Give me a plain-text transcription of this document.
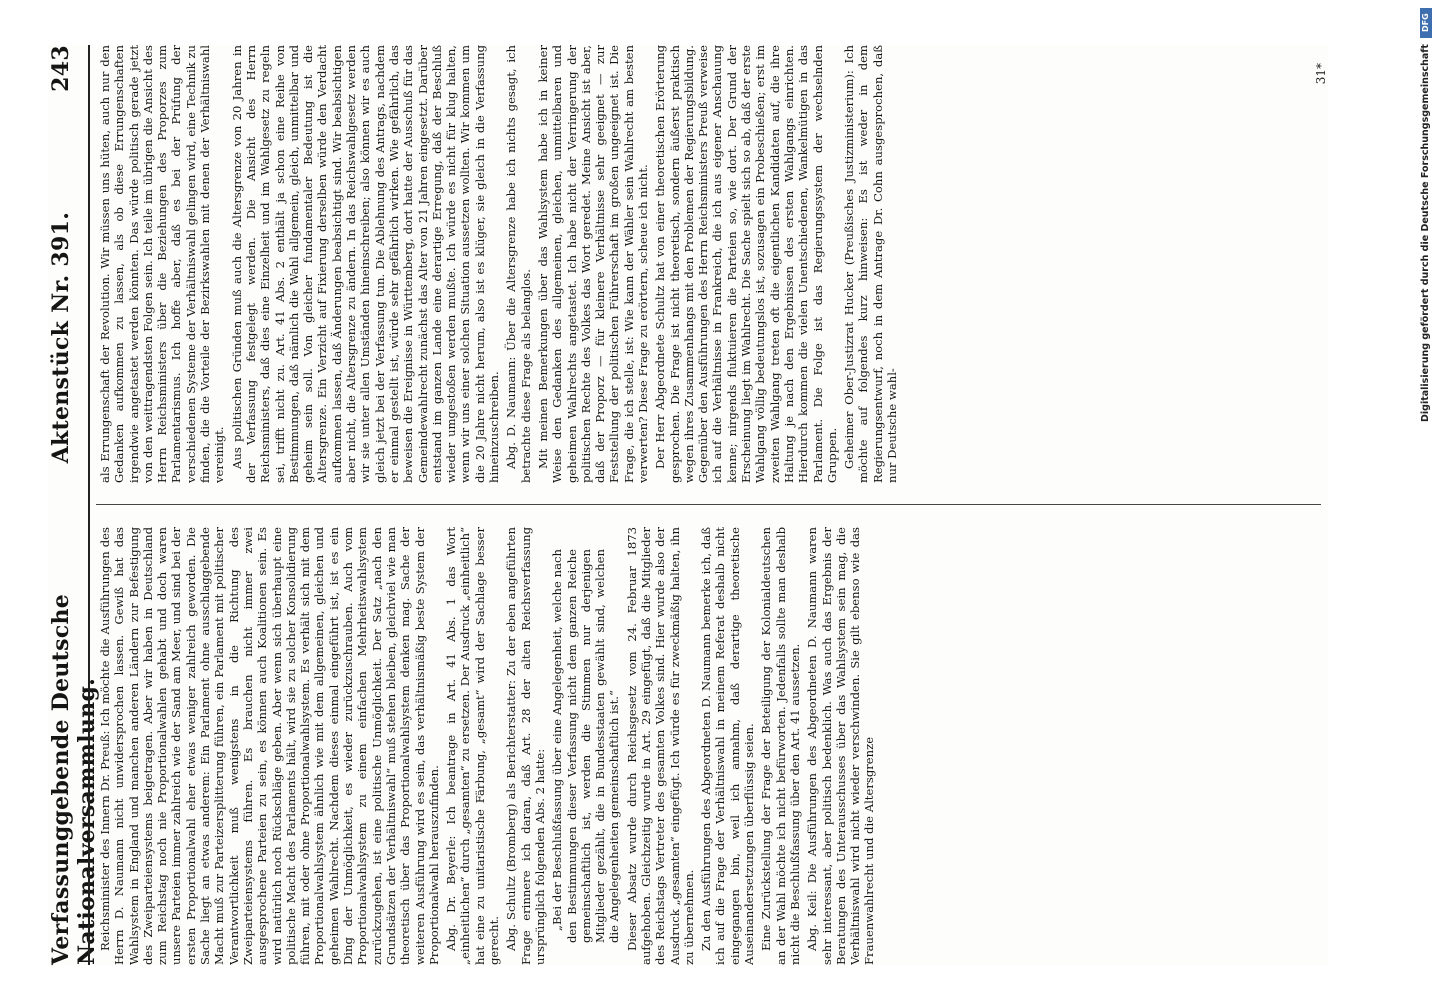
Verfassunggebende Deutsche Nationalversammlung.
Aktenstück Nr. 391.
243

Reichsminister des Innern Dr. Preuß: Ich möchte die Ausführungen des Herrn D. Naumann nicht unwidersprochen lassen. Gewiß hat das Wahlsystem in England und manchen anderen Ländern zur Befestigung des Zweiparteiensystems beigetragen. Aber wir haben in Deutschland zum Reichstag noch nie Proportionalwahlen gehabt und doch waren unsere Parteien immer zahlreich wie der Sand am Meer, und sind bei der ersten Proportionalwahl eher etwas weniger zahlreich geworden. Die Sache liegt an etwas anderem: Ein Parlament ohne ausschlaggebende Macht muß zur Parteizersplitterung führen, ein Parlament mit politischer Verantwortlichkeit muß wenigstens in die Richtung des Zweiparteiensystems führen. Es brauchen nicht immer zwei ausgesprochene Parteien zu sein, es können auch Koalitionen sein. Es wird natürlich noch Rückschläge geben. Aber wenn sich überhaupt eine politische Macht des Parlaments hält, wird sie zu solcher Konsolidierung führen, mit oder ohne Proportionalwahlsystem. Es verhält sich mit dem Proportionalwahlsystem ähnlich wie mit dem allgemeinen, gleichen und geheimen Wahlrecht. Nachdem dieses einmal eingeführt ist, ist es ein Ding der Unmöglichkeit, es wieder zurückzuschrauben. Auch vom Proportionalwahlsystem zu einem einfachen Mehrheitswahlsystem zurückzugehen, ist eine politische Unmöglichkeit. Der Satz „nach den Grundsätzen der Verhältniswahl“ muß stehen bleiben, gleichviel wie man theoretisch über das Proportionalwahlsystem denken mag. Sache der weiteren Ausführung wird es sein, das verhältnismäßig beste System der Proportionalwahl herauszufinden. Abg. Dr. Beyerle: Ich beantrage in Art. 41 Abs. 1 das Wort „einheitlichen“ durch „gesamten“ zu ersetzen. Der Ausdruck „einheitlich“ hat eine zu unitaristische Färbung, „gesamt“ wird der Sachlage besser gerecht. Abg. Schultz (Bromberg) als Berichterstatter: Zu der eben angeführten Frage erinnere ich daran, daß Art. 28 der alten Reichsverfassung ursprünglich folgenden Abs. 2 hatte: „Bei der Beschlußfassung über eine Angelegenheit, welche nach den Bestimmungen dieser Verfassung nicht dem ganzen Reiche gemeinschaftlich ist, werden die Stimmen nur derjenigen Mitglieder gezählt, die in Bundesstaaten gewählt sind, welchen die Angelegenheiten gemeinschaftlich ist.“ Dieser Absatz wurde durch Reichsgesetz vom 24. Februar 1873 aufgehoben. Gleichzeitig wurde in Art. 29 eingefügt, daß die Mitglieder des Reichstags Vertreter des gesamten Volkes sind. Hier wurde also der Ausdruck „gesamten“ eingefügt. Ich würde es für zweckmäßig halten, ihn zu übernehmen. Zu den Ausführungen des Abgeordneten D. Naumann bemerke ich, daß ich auf die Frage der Verhältniswahl in meinem Referat deshalb nicht eingegangen bin, weil ich annahm, daß derartige theoretische Auseinandersetzungen überflüssig seien. Eine Zurückstellung der Frage der Beteiligung der Kolonialdeutschen an der Wahl möchte ich nicht befürworten. Jedenfalls sollte man deshalb nicht die Beschlußfassung über den Art. 41 aussetzen. Abg. Keil: Die Ausführungen des Abgeordneten D. Naumann waren sehr interessant, aber politisch bedenklich. Was auch das Ergebnis der Beratungen des Unterausschusses über das Wahlsystem sein mag, die Verhältniswahl wird nicht wieder verschwinden. Sie gilt ebenso wie das Frauenwahlrecht und die Altersgrenze

als Errungenschaft der Revolution. Wir müssen uns hüten, auch nur den Gedanken aufkommen zu lassen, als ob diese Errungenschaften irgendwie angetastet werden könnten. Das würde politisch gerade jetzt von den weittragendsten Folgen sein. Ich teile im übrigen die Ansicht des Herrn Reichsministers über die Beziehungen des Proporzes zum Parlamentarismus. Ich hoffe aber, daß es bei der Prüfung der verschiedenen Systeme der Verhältniswahl gelingen wird, eine Technik zu finden, die die Vorteile der Bezirkswahlen mit denen der Verhältniswahl vereinigt. Aus politischen Gründen muß auch die Altersgrenze von 20 Jahren in der Verfassung festgelegt werden. Die Ansicht des Herrn Reichsministers, daß dies eine Einzelheit und im Wahlgesetz zu regeln sei, trifft nicht zu. Art. 41 Abs. 2 enthält ja schon eine Reihe von Bestimmungen, daß nämlich die Wahl allgemein, gleich, unmittelbar und geheim sein soll. Von gleicher fundamentaler Bedeutung ist die Altersgrenze. Ein Verzicht auf Fixierung derselben würde den Verdacht aufkommen lassen, daß Änderungen beabsichtigt sind. Wir beabsichtigen aber nicht, die Altersgrenze zu ändern. In das Reichswahlgesetz werden wir sie unter allen Umständen hineinschreiben; also können wir es auch gleich jetzt bei der Verfassung tun. Die Ablehnung des Antrags, nachdem er einmal gestellt ist, würde sehr gefährlich wirken. Wie gefährlich, das beweisen die Ereignisse in Württemberg, dort hatte der Ausschuß für das Gemeindewahlrecht zunächst das Alter von 21 Jahren eingesetzt. Darüber entstand im ganzen Lande eine derartige Erregung, daß der Beschluß wieder umgestoßen werden mußte. Ich würde es nicht für klug halten, wenn wir uns einer solchen Situation aussetzen wollten. Wir kommen um die 20 Jahre nicht herum, also ist es klüger, sie gleich in die Verfassung hineinzuschreiben. Abg. D. Naumann: Über die Altersgrenze habe ich nichts gesagt, ich betrachte diese Frage als belanglos. Mit meinen Bemerkungen über das Wahlsystem habe ich in keiner Weise den Gedanken des allgemeinen, gleichen, unmittelbaren und geheimen Wahlrechts angetastet. Ich habe nicht der Verringerung der politischen Rechte des Volkes das Wort geredet. Meine Ansicht ist aber, daß der Proporz — für kleinere Verhältnisse sehr geeignet — zur Feststellung der politischen Führerschaft im großen ungeeignet ist. Die Frage, die ich stelle, ist: Wie kann der Wähler sein Wahlrecht am besten verwerten? Diese Frage zu erörtern, scheue ich nicht. Der Herr Abgeordnete Schultz hat von einer theoretischen Erörterung gesprochen. Die Frage ist nicht theoretisch, sondern äußerst praktisch wegen ihres Zusammenhangs mit den Problemen der Regierungsbildung. Gegenüber den Ausführungen des Herrn Reichsministers Preuß verweise ich auf die Verhältnisse in Frankreich, die ich aus eigener Anschauung kenne; nirgends fluktuieren die Parteien so, wie dort. Der Grund der Erscheinung liegt im Wahlrecht. Die Sache spielt sich so ab, daß der erste Wahlgang völlig bedeutungslos ist, sozusagen ein Probeschießen; erst im zweiten Wahlgang treten oft die eigentlichen Kandidaten auf, die ihre Haltung je nach den Ergebnissen des ersten Wahlgangs einrichten. Hierdurch kommen die vielen Unentschiedenen, Wankelmütigen in das Parlament. Die Folge ist das Regierungssystem der wechselnden Gruppen. Geheimer Ober-Justizrat Hucker (Preußisches Justizministerium): Ich möchte auf folgendes kurz hinweisen: Es ist weder in dem Regierungsentwurf, noch in dem Antrage Dr. Cohn ausgesprochen, daß nur Deutsche wahl-

31*
DFG
Digitalisierung gefördert durch die Deutsche Forschungsgemeinschaft
